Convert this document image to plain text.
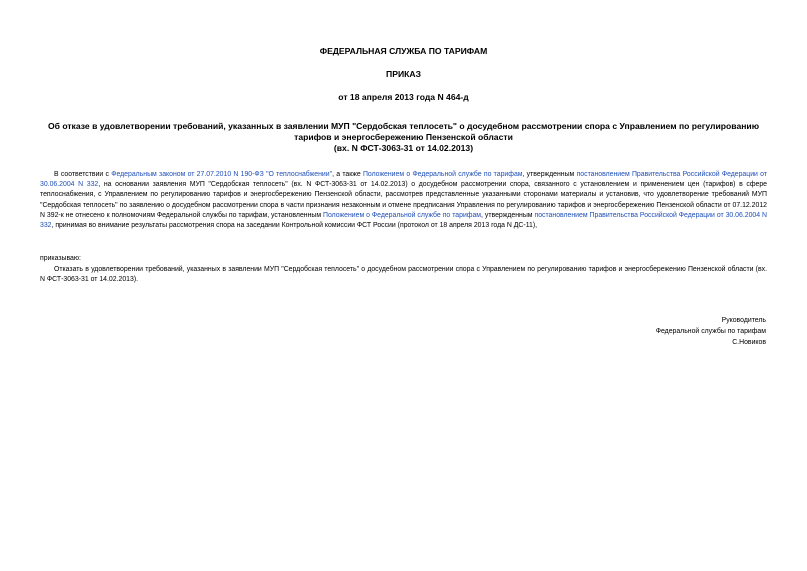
ФЕДЕРАЛЬНАЯ СЛУЖБА ПО ТАРИФАМ
ПРИКАЗ
от 18 апреля 2013 года N 464-д
Об отказе в удовлетворении требований, указанных в заявлении МУП "Сердобская теплосеть" о досудебном рассмотрении спора с Управлением по регулированию тарифов и энергосбережению Пензенской области
(вх. N ФСТ-3063-31 от 14.02.2013)
В соответствии с Федеральным законом от 27.07.2010 N 190-ФЗ "О теплоснабжении", а также Положением о Федеральной службе по тарифам, утвержденным постановлением Правительства Российской Федерации от 30.06.2004 N 332, на основании заявления МУП "Сердобская теплосеть" (вх. N ФСТ-3063-31 от 14.02.2013) о досудебном рассмотрении спора, связанного с установлением и применением цен (тарифов) в сфере теплоснабжения, с Управлением по регулированию тарифов и энергосбережению Пензенской области, рассмотрев представленные указанными сторонами материалы и установив, что удовлетворение требований МУП "Сердобская теплосеть" по заявлению о досудебном рассмотрении спора в части признания незаконным и отмене предписания Управления по регулированию тарифов и энергосбережению Пензенской области от 07.12.2012 N 392-к не отнесено к полномочиям Федеральной службы по тарифам, установленным Положением о Федеральной службе по тарифам, утвержденным постановлением Правительства Российской Федерации от 30.06.2004 N 332, принимая во внимание результаты рассмотрения спора на заседании Контрольной комиссии ФСТ России (протокол от 18 апреля 2013 года N ДС-11),
приказываю:
Отказать в удовлетворении требований, указанных в заявлении МУП "Сердобская теплосеть" о досудебном рассмотрении спора с Управлением по регулированию тарифов и энергосбережению Пензенской области (вх. N ФСТ-3063-31 от 14.02.2013).
Руководитель
Федеральной службы по тарифам
С.Новиков
